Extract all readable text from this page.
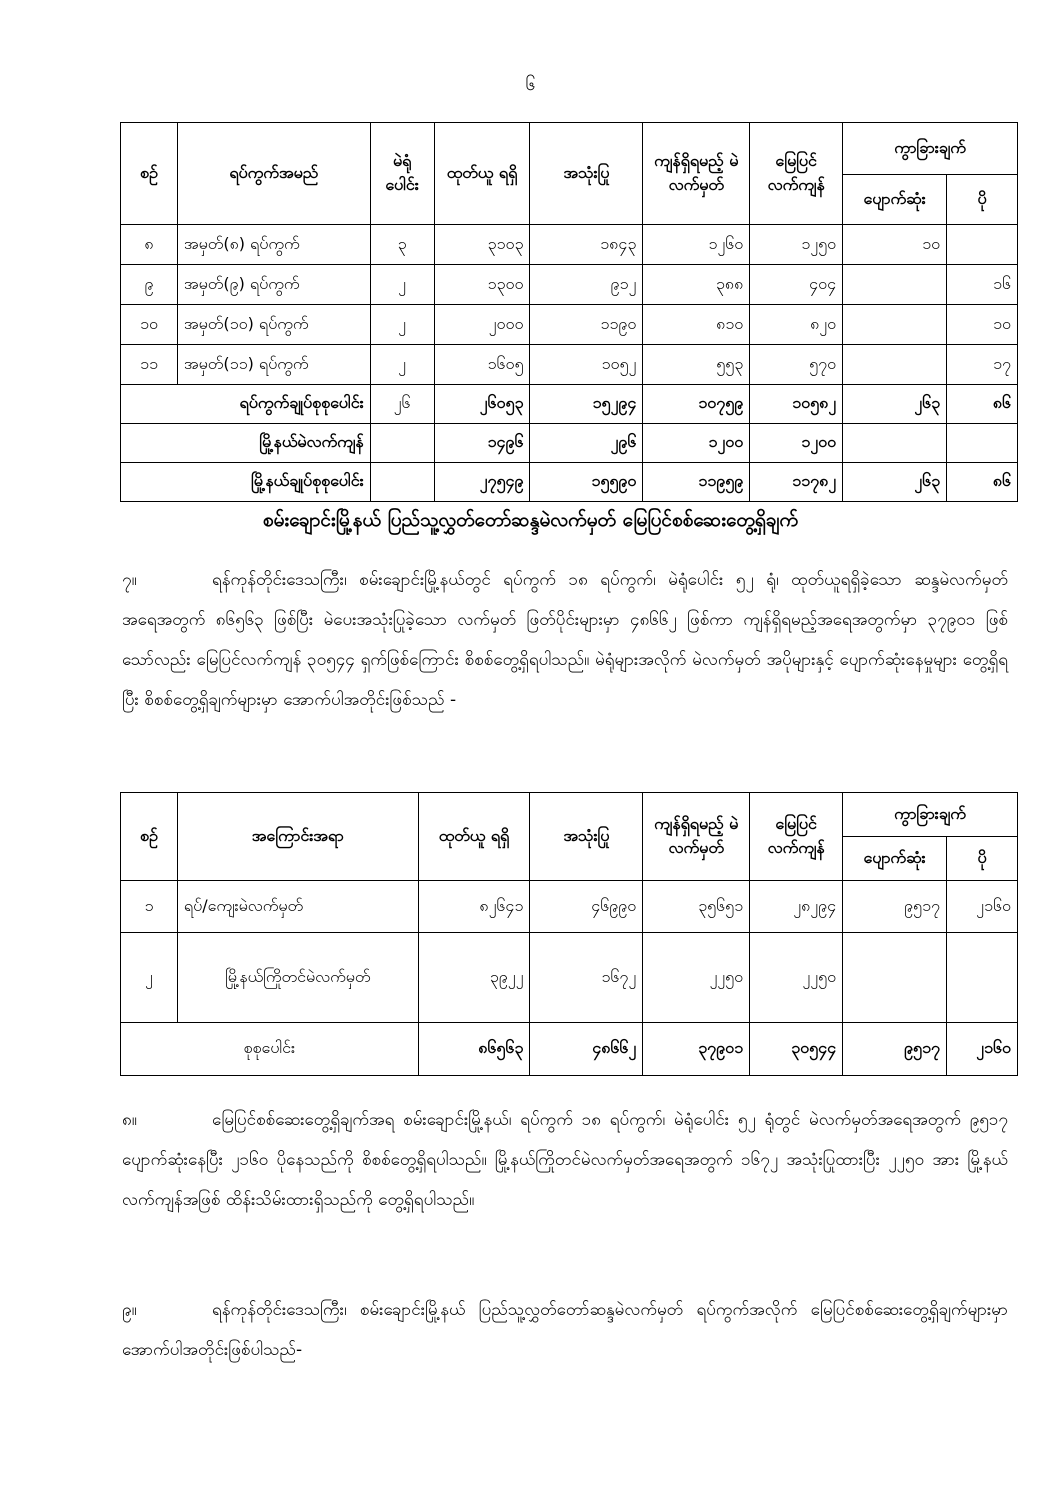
၆
စဉ်	ရပ်ကွက်အမည်	မဲရုံ ပေါင်း	ထုတ်ယူ ရရှိ	အသုံးပြု	ကျန်ရှိရမည့် မဲလက်မှတ်	မြေပြင် လက်ကျန်	ကွာခြားချက်	
							ပျောက်ဆုံး	ပို
၈	အမှတ်(၈) ရပ်ကွက်	၃	၃၁၀၃	၁၈၄၃	၁၂၆၀	၁၂၅၀	၁၀	
၉	အမှတ်(၉) ရပ်ကွက်	၂	၁၃၀၀	၉၁၂	၃၈၈	၄၀၄		၁၆
၁၀	အမှတ်(၁၀) ရပ်ကွက်	၂	၂၀၀၀	၁၁၉၀	၈၁၀	၈၂၀		၁၀
၁၁	အမှတ်(၁၁) ရပ်ကွက်	၂	၁၆၀၅	၁၀၅၂	၅၅၃	၅၇၀		၁၇
ရပ်ကွက်ချုပ်စုစုပေါင်း		၂၆	၂၆၀၅၃	၁၅၂၉၄	၁၀၇၅၉	၁၀၅၈၂	၂၆၃	၈၆
မြို့နယ်မဲလက်ကျန်			၁၄၉၆	၂၉၆	၁၂၀၀	၁၂၀၀		
မြို့နယ်ချုပ်စုစုပေါင်း			၂၇၅၄၉	၁၅၅၉၀	၁၁၉၅၉	၁၁၇၈၂	၂၆၃	၈၆
စမ်းချောင်းမြို့နယ် ပြည်သူ့လွှတ်တော်ဆန္ဒမဲလက်မှတ် မြေပြင်စစ်ဆေးတွေ့ရှိချက်
၇။	ရန်ကုန်တိုင်းဒေသကြီး၊ စမ်းချောင်းမြို့နယ်တွင် ရပ်ကွက် ၁၈ ရပ်ကွက်၊ မဲရုံပေါင်း ၅၂ ရုံ၊ ထုတ်ယူရရှိခဲ့သော ဆန္ဒမဲလက်မှတ်အရေအတွက် ၈၆၅၆၃ ဖြစ်ပြီး မဲပေးအသုံးပြုခဲ့သော လက်မှတ် ဖြတ်ပိုင်းများမှာ ၄၈၆၆၂ ဖြစ်ကာ ကျန်ရှိရမည့်အရေအတွက်မှာ ၃၇၉၀၁ ဖြစ်သော်လည်း မြေပြင်လက်ကျန် ၃၀၅၄၄ ရှက်ဖြစ်ကြောင်း စိစစ်တွေ့ရှိရပါသည်။ မဲရုံများအလိုက် မဲလက်မှတ် အပိုများနှင့် ပျောက်ဆုံးနေမှုများ တွေ့ရှိရပြီး စိစစ်တွေ့ရှိချက်များမှာ အောက်ပါအတိုင်းဖြစ်သည် -
စဉ်	အကြောင်းအရာ	ထုတ်ယူ ရရှိ	အသုံးပြု	ကျန်ရှိရမည့် မဲလက်မှတ်	မြေပြင် လက်ကျန်	ကွာခြားချက်	
						ပျောက်ဆုံး	ပို
၁	ရပ်/ကျေးမဲလက်မှတ်	၈၂၆၄၁	၄၆၉၉၀	၃၅၆၅၁	၂၈၂၉၄	၉၅၁၇	၂၁၆၀
၂	မြို့နယ်ကြိုတင်မဲလက်မှတ်	၃၉၂၂	၁၆၇၂	၂၂၅၀	၂၂၅၀		
စုစုပေါင်း		၈၆၅၆၃	၄၈၆၆၂	၃၇၉၀၁	၃၀၅၄၄	၉၅၁၇	၂၁၆၀
၈။	မြေပြင်စစ်ဆေးတွေ့ရှိချက်အရ စမ်းချောင်းမြို့နယ်၊ ရပ်ကွက် ၁၈ ရပ်ကွက်၊ မဲရုံပေါင်း ၅၂ ရုံတွင် မဲလက်မှတ်အရေအတွက် ၉၅၁၇ ပျောက်ဆုံးနေပြီး ၂၁၆၀ ပိုနေသည်ကို စိစစ်တွေ့ရှိရပါသည်။ မြို့နယ်ကြိုတင်မဲလက်မှတ်အရေအတွက် ၁၆၇၂ အသုံးပြုထားပြီး ၂၂၅၀ အား မြို့နယ် လက်ကျန်အဖြစ် ထိန်းသိမ်းထားရှိသည်ကို တွေ့ရှိရပါသည်။
၉။	ရန်ကုန်တိုင်းဒေသကြီး၊ စမ်းချောင်းမြို့နယ် ပြည်သူ့လွှတ်တော်ဆန္ဒမဲလက်မှတ် ရပ်ကွက်အလိုက် မြေပြင်စစ်ဆေးတွေ့ရှိချက်များမှာ အောက်ပါအတိုင်းဖြစ်ပါသည်-
